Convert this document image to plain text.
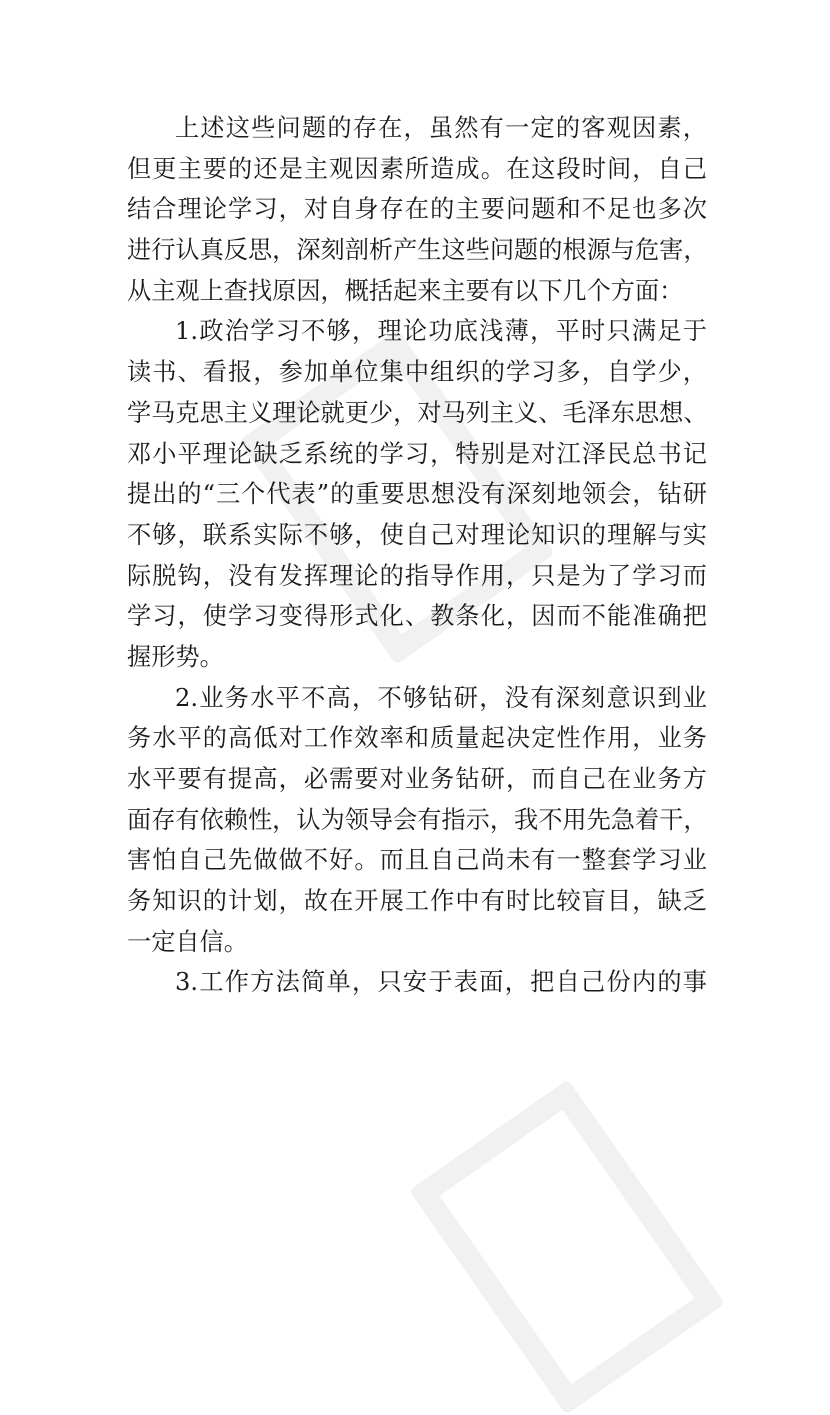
上述这些问题的存在，虽然有一定的客观因素，
但更主要的还是主观因素所造成。在这段时间，自己
结合理论学习，对自身存在的主要问题和不足也多次
进行认真反思，深刻剖析产生这些问题的根源与危害，
从主观上查找原因，概括起来主要有以下几个方面：
1.政治学习不够，理论功底浅薄，平时只满足于
读书、看报，参加单位集中组织的学习多，自学少，
学马克思主义理论就更少，对马列主义、毛泽东思想、
邓小平理论缺乏系统的学习，特别是对江泽民总书记
提出的“三个代表”的重要思想没有深刻地领会，钻研
不够，联系实际不够，使自己对理论知识的理解与实
际脱钩，没有发挥理论的指导作用，只是为了学习而
学习，使学习变得形式化、教条化，因而不能准确把
握形势。
2.业务水平不高，不够钻研，没有深刻意识到业
务水平的高低对工作效率和质量起决定性作用，业务
水平要有提高，必需要对业务钻研，而自己在业务方
面存有依赖性，认为领导会有指示，我不用先急着干，
害怕自己先做做不好。而且自己尚未有一整套学习业
务知识的计划，故在开展工作中有时比较盲目，缺乏
一定自信。
3.工作方法简单，只安于表面，把自己份内的事
